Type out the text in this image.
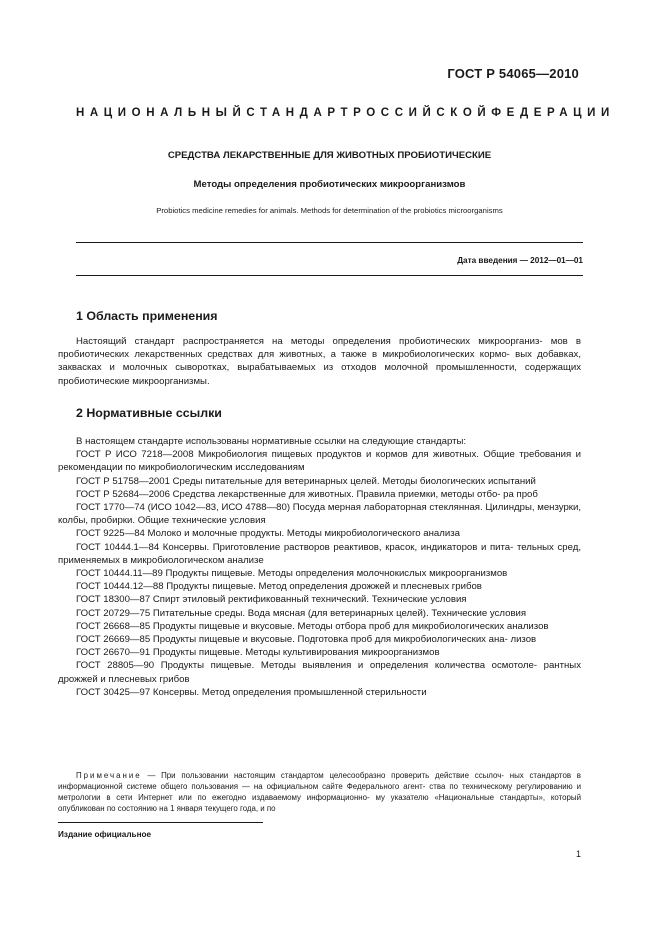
ГОСТ Р 54065—2010
НАЦИОНАЛЬНЫЙ СТАНДАРТ РОССИЙСКОЙ ФЕДЕРАЦИИ
СРЕДСТВА ЛЕКАРСТВЕННЫЕ ДЛЯ ЖИВОТНЫХ ПРОБИОТИЧЕСКИЕ
Методы определения пробиотических микроорганизмов
Probiotics medicine remedies for animals. Methods for determination of the probiotics microorganisms
Дата введения — 2012—01—01
1 Область применения

Настоящий стандарт распространяется на методы определения пробиотических микроорганиз- мов в пробиотических лекарственных средствах для животных, а также в микробиологических кормо- вых добавках, заквасках и молочных сыворотках, вырабатываемых из отходов молочной промышленности, содержащих пробиотические микроорганизмы.

2 Нормативные ссылки

В настоящем стандарте использованы нормативные ссылки на следующие стандарты:

ГОСТ Р ИСО 7218—2008 Микробиология пищевых продуктов и кормов для животных. Общие требования и рекомендации по микробиологическим исследованиям

ГОСТ Р 51758—2001 Среды питательные для ветеринарных целей. Методы биологических испытаний

ГОСТ Р 52684—2006 Средства лекарственные для животных. Правила приемки, методы отбо- ра проб

ГОСТ 1770—74 (ИСО 1042—83, ИСО 4788—80) Посуда мерная лабораторная стеклянная. Цилиндры, мензурки, колбы, пробирки. Общие технические условия

ГОСТ 9225—84 Молоко и молочные продукты. Методы микробиологического анализа

ГОСТ 10444.1—84 Консервы. Приготовление растворов реактивов, красок, индикаторов и пита- тельных сред, применяемых в микробиологическом анализе

ГОСТ 10444.11—89 Продукты пищевые. Методы определения молочнокислых микроорганизмов

ГОСТ 10444.12—88 Продукты пищевые. Метод определения дрожжей и плесневых грибов

ГОСТ 18300—87 Спирт этиловый ректификованный технический. Технические условия

ГОСТ 20729—75 Питательные среды. Вода мясная (для ветеринарных целей). Технические условия

ГОСТ 26668—85 Продукты пищевые и вкусовые. Методы отбора проб для микробиологических анализов

ГОСТ 26669—85 Продукты пищевые и вкусовые. Подготовка проб для микробиологических ана- лизов

ГОСТ 26670—91 Продукты пищевые. Методы культивирования микроорганизмов

ГОСТ 28805—90 Продукты пищевые. Методы выявления и определения количества осмотоле- рантных дрожжей и плесневых грибов

ГОСТ 30425—97 Консервы. Метод определения промышленной стерильности

Примечание — При пользовании настоящим стандартом целесообразно проверить действие ссылоч- ных стандартов в информационной системе общего пользования — на официальном сайте Федерального агент- ства по техническому регулированию и метрологии в сети Интернет или по ежегодно издаваемому информационно- му указателю «Национальные стандарты», который опубликован по состоянию на 1 января текущего года, и по

Издание официальное
1
